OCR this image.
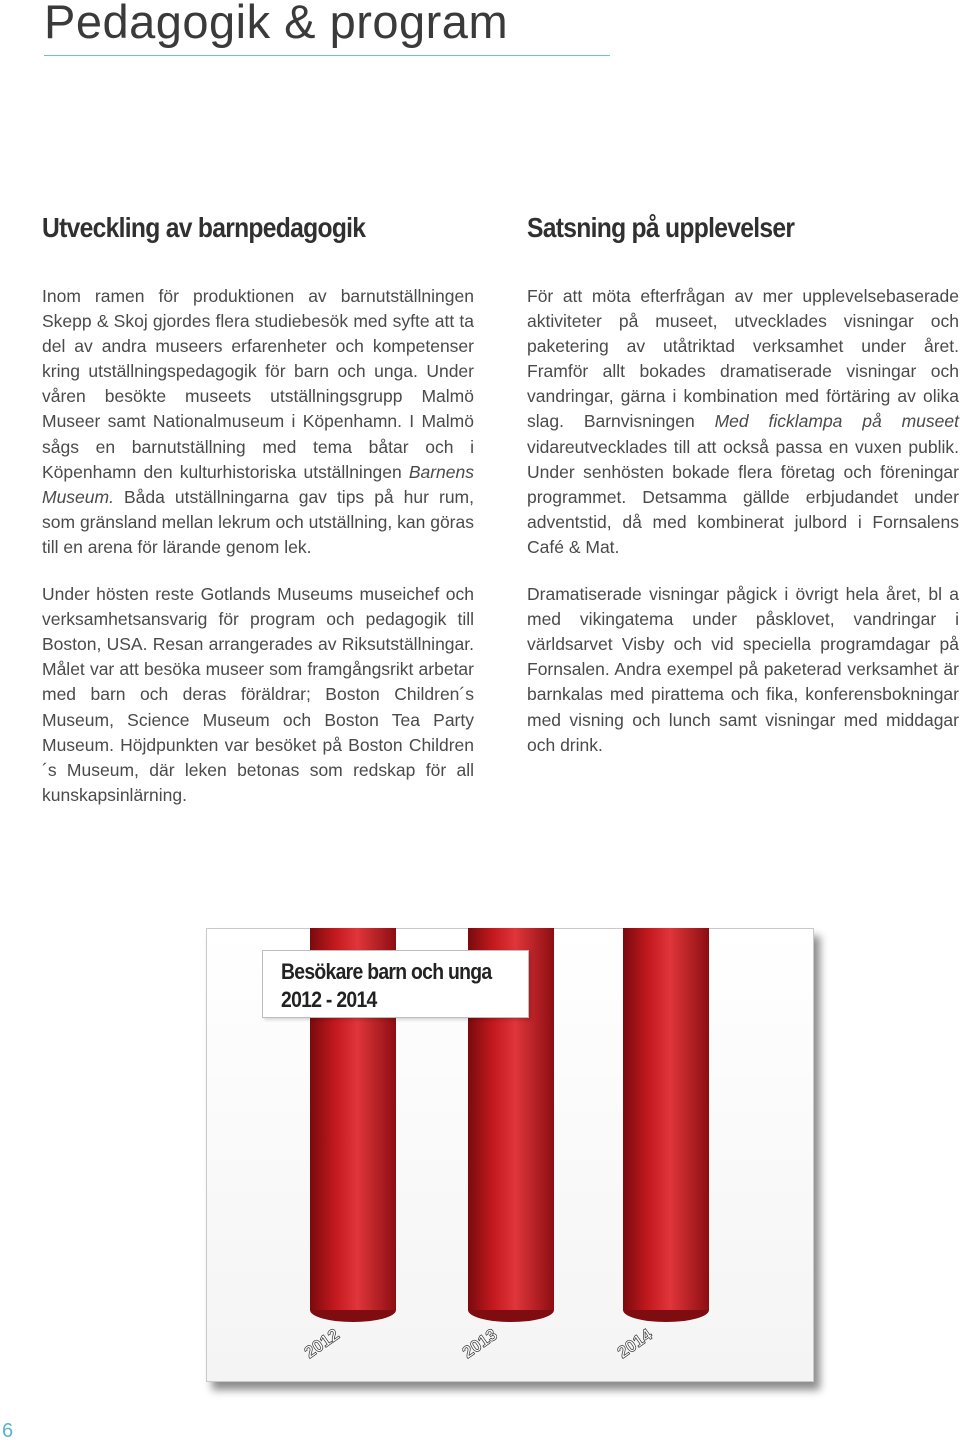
Pedagogik & program
Utveckling av barnpedagogik

Inom ramen för produktionen av barnutställningen Skepp & Skoj gjordes flera studiebesök med syfte att ta del av andra museers erfarenheter och kompetenser kring utställningspedagogik för barn och unga. Under våren besökte museets utställningsgrupp Malmö Museer samt Nationalmuseum i Köpenhamn. I Malmö sågs en barnutställning med tema båtar och i Köpenhamn den kulturhistoriska utställningen Barnens Museum. Båda utställningarna gav tips på hur rum, som gränsland mellan lekrum och utställning, kan göras till en arena för lärande genom lek.

Under hösten reste Gotlands Museums museichef och verksamhetsansvarig för program och pedagogik till Boston, USA. Resan arrangerades av Riksutställningar. Målet var att besöka museer som framgångsrikt arbetar med barn och deras föräldrar; Boston Children´s Museum, Science Museum och Boston Tea Party Museum. Höjdpunkten var besöket på Boston Children´s Museum, där leken betonas som redskap för all kunskapsinlärning.

Satsning på upplevelser

För att möta efterfrågan av mer upplevelsebaserade aktiviteter på museet, utvecklades visningar och paketering av utåtriktad verksamhet under året. Framför allt bokades dramatiserade visningar och vandringar, gärna i kombination med förtäring av olika slag. Barnvisningen Med ficklampa på museet vidareutvecklades till att också passa en vuxen publik. Under senhösten bokade flera företag och föreningar programmet. Detsamma gällde erbjudandet under adventstid, då med kombinerat julbord i Fornsalens Café & Mat.

Dramatiserade visningar pågick i övrigt hela året, bl a med vikingatema under påsklovet, vandringar i världsarvet Visby och vid speciella programdagar på Fornsalen. Andra exempel på paketerad verksamhet är barnkalas med pirattema och fika, konferensbokningar med visning och lunch samt visningar med middagar och drink.

2012	2013	2014
Besökare barn och unga
2012 - 2014
6
